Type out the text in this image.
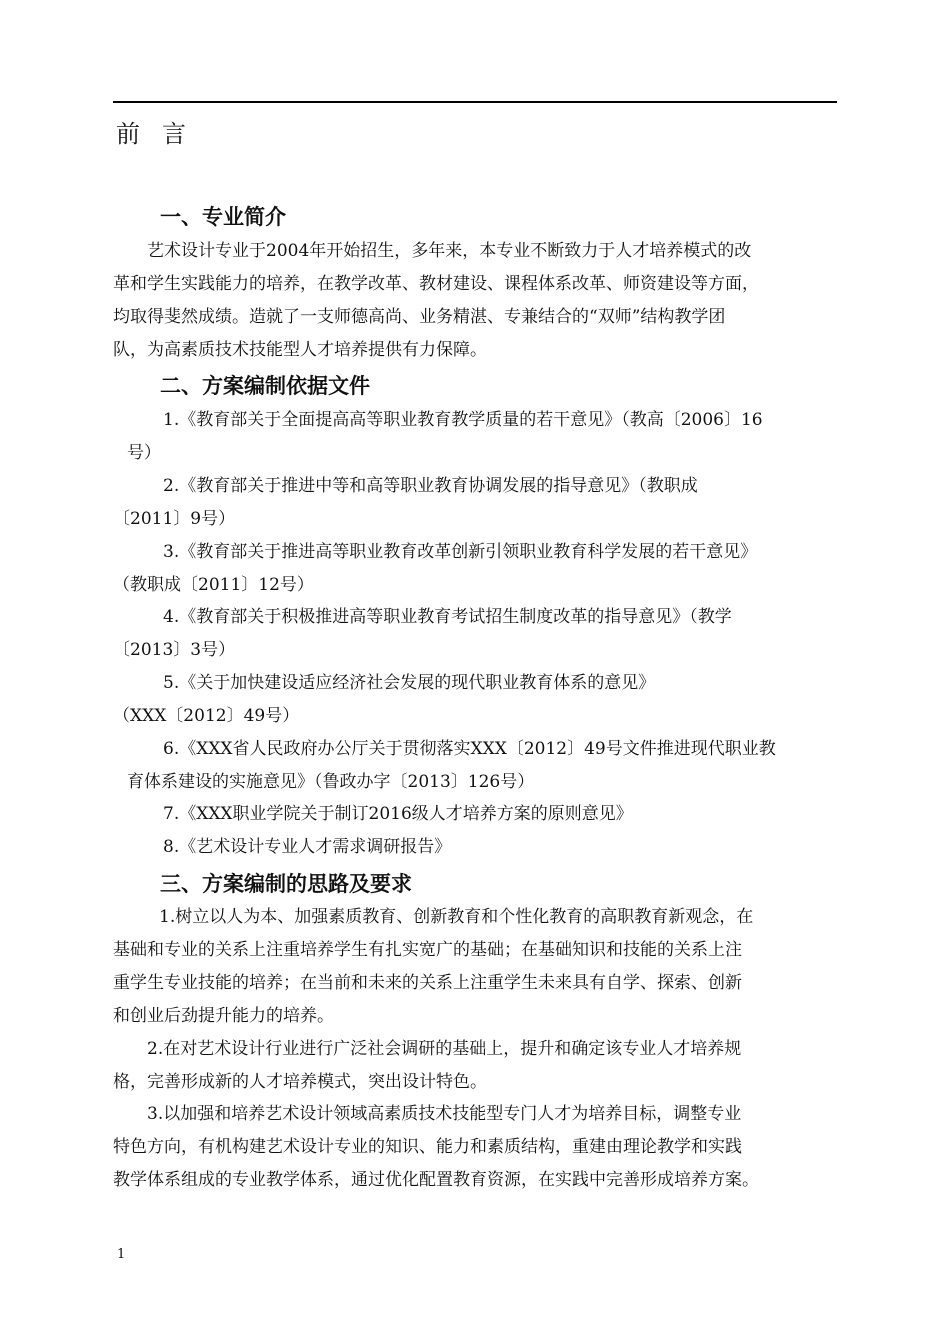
前言
一、专业简介
艺术设计专业于2004年开始招生，多年来，本专业不断致力于人才培养模式的改
革和学生实践能力的培养，在教学改革、教材建设、课程体系改革、师资建设等方面，
均取得斐然成绩。造就了一支师德高尚、业务精湛、专兼结合的“双师”结构教学团
队，为高素质技术技能型人才培养提供有力保障。
二、方案编制依据文件
1.《教育部关于全面提高高等职业教育教学质量的若干意见》（教高〔2006〕16
号）
2.《教育部关于推进中等和高等职业教育协调发展的指导意见》（教职成
〔2011〕9号）
3.《教育部关于推进高等职业教育改革创新引领职业教育科学发展的若干意见》
（教职成〔2011〕12号）
4.《教育部关于积极推进高等职业教育考试招生制度改革的指导意见》（教学
〔2013〕3号）
5.《关于加快建设适应经济社会发展的现代职业教育体系的意见》
（XXX〔2012〕49号）
6.《XXX省人民政府办公厅关于贯彻落实XXX〔2012〕49号文件推进现代职业教
育体系建设的实施意见》（鲁政办字〔2013〕126号）
7.《XXX职业学院关于制订2016级人才培养方案的原则意见》
8.《艺术设计专业人才需求调研报告》
三、方案编制的思路及要求
1.树立以人为本、加强素质教育、创新教育和个性化教育的高职教育新观念，在
基础和专业的关系上注重培养学生有扎实宽广的基础；在基础知识和技能的关系上注
重学生专业技能的培养；在当前和未来的关系上注重学生未来具有自学、探索、创新
和创业后劲提升能力的培养。
2.在对艺术设计行业进行广泛社会调研的基础上，提升和确定该专业人才培养规
格，完善形成新的人才培养模式，突出设计特色。
3.以加强和培养艺术设计领域高素质技术技能型专门人才为培养目标，调整专业
特色方向，有机构建艺术设计专业的知识、能力和素质结构，重建由理论教学和实践
教学体系组成的专业教学体系，通过优化配置教育资源，在实践中完善形成培养方案。
1
